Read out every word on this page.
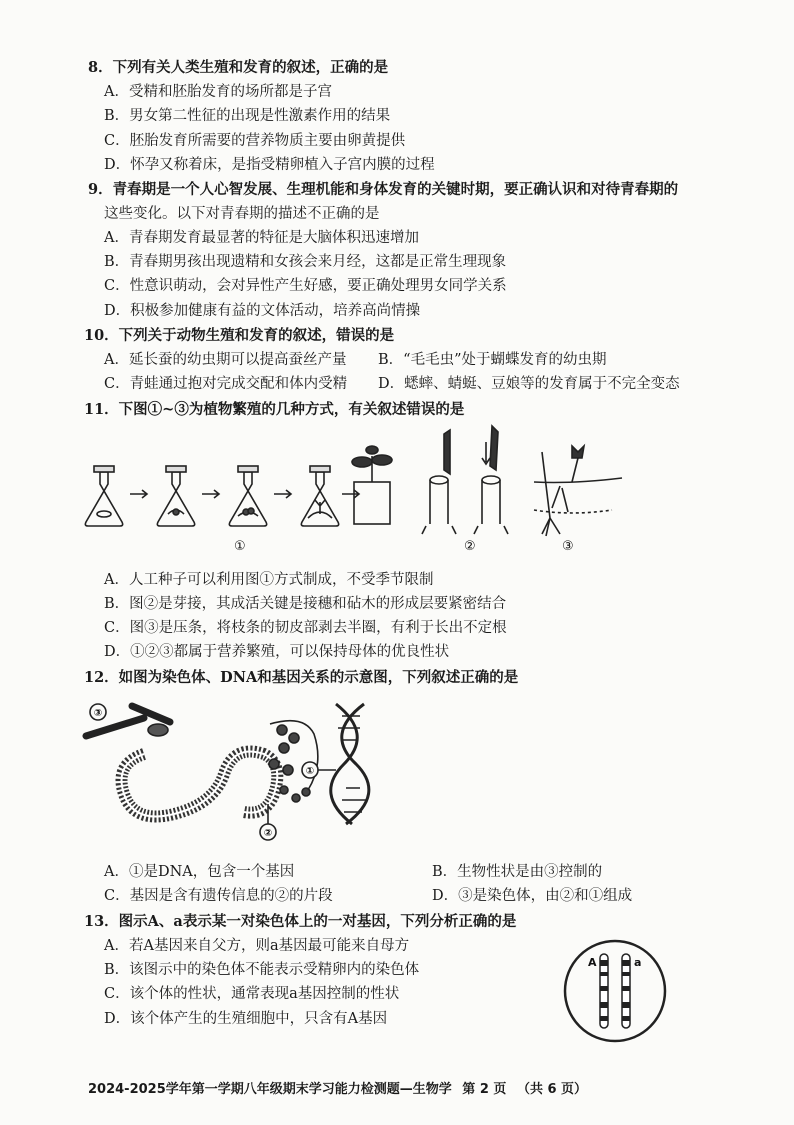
8．下列有关人类生殖和发育的叙述，正确的是
A．受精和胚胎发育的场所都是子宫
B．男女第二性征的出现是性激素作用的结果
C．胚胎发育所需要的营养物质主要由卵黄提供
D．怀孕又称着床，是指受精卵植入子宫内膜的过程
9．青春期是一个人心智发展、生理机能和身体发育的关键时期，要正确认识和对待青春期的
这些变化。以下对青春期的描述不正确的是
A．青春期发育最显著的特征是大脑体积迅速增加
B．青春期男孩出现遗精和女孩会来月经，这都是正常生理现象
C．性意识萌动，会对异性产生好感，要正确处理男女同学关系
D．积极参加健康有益的文体活动，培养高尚情操
10．下列关于动物生殖和发育的叙述，错误的是
A．延长蚕的幼虫期可以提高蚕丝产量 B．“毛毛虫”处于蝴蝶发育的幼虫期
C．青蛙通过抱对完成交配和体内受精 D．蟋蟀、蜻蜓、豆娘等的发育属于不完全变态
11．下图①~③为植物繁殖的几种方式，有关叙述错误的是
①	②	③
A．人工种子可以利用图①方式制成，不受季节限制
B．图②是芽接，其成活关键是接穗和砧木的形成层要紧密结合
C．图③是压条，将枝条的韧皮部剥去半圈，有利于长出不定根
D．①②③都属于营养繁殖，可以保持母体的优良性状
12．如图为染色体、DNA和基因关系的示意图，下列叙述正确的是
③
①
②
A．①是DNA，包含一个基因	B．生物性状是由③控制的
C．基因是含有遗传信息的②的片段	D．③是染色体，由②和①组成
13．图示A、a表示某一对染色体上的一对基因，下列分析正确的是
A．若A基因来自父方，则a基因最可能来自母方
B．该图示中的染色体不能表示受精卵内的染色体
C．该个体的性状，通常表现a基因控制的性状
D．该个体产生的生殖细胞中，只含有A基因
A	a
2024-2025学年第一学期八年级期末学习能力检测题—生物学 第 2 页 （共 6 页）
